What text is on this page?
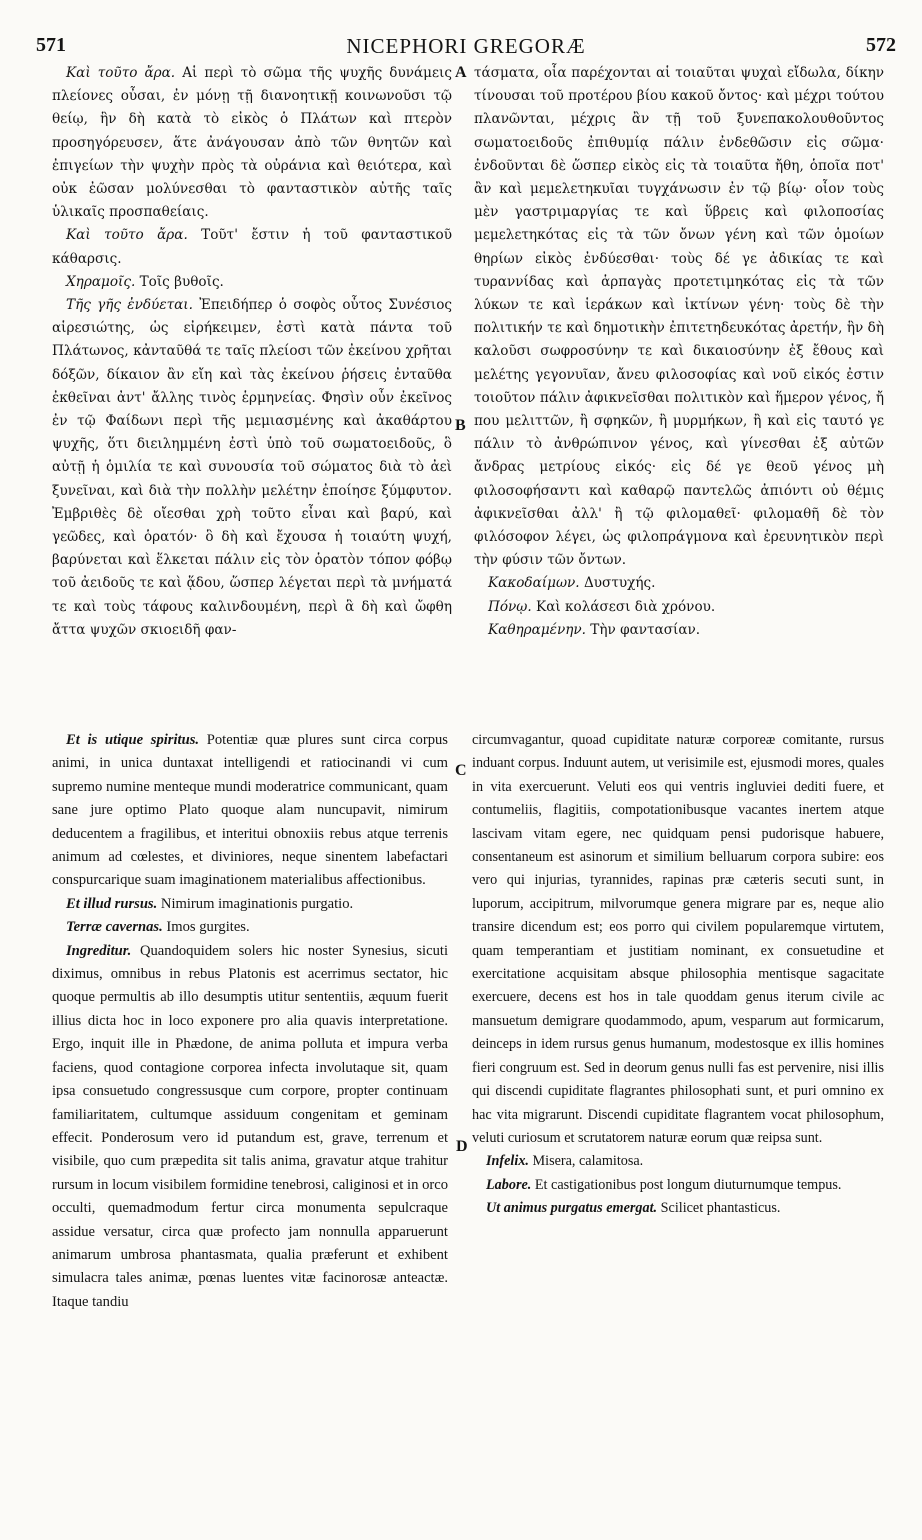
571	NICEPHORI GREGORÆ	572
A
B
C
D

Καὶ τοῦτο ἄρα. Αἱ περὶ τὸ σῶμα τῆς ψυχῆς δυνάμεις πλείονες οὖσαι, ἐν μόνῃ τῇ διανοητικῇ κοινωνοῦσι τῷ θείῳ, ἣν δὴ κατὰ τὸ εἰκὸς ὁ Πλάτων καὶ πτερὸν προσηγόρευσεν, ἅτε ἀνάγουσαν ἀπὸ τῶν θνητῶν καὶ ἐπιγείων τὴν ψυχὴν πρὸς τὰ οὐράνια καὶ θειότερα, καὶ οὐκ ἐῶσαν μολύνεσθαι τὸ φανταστικὸν αὐτῆς ταῖς ὑλικαῖς προσπαθείαις.

Καὶ τοῦτο ἄρα. Τοῦτ' ἔστιν ἡ τοῦ φανταστικοῦ κάθαρσις.

Χηραμοῖς. Τοῖς βυθοῖς.

Τῆς γῆς ἐνδύεται. Ἐπειδήπερ ὁ σοφὸς οὗτος Συνέσιος αἱρεσιώτης, ὡς εἰρήκειμεν, ἐστὶ κατὰ πάντα τοῦ Πλάτωνος, κἀνταῦθά τε ταῖς πλείοσι τῶν ἐκείνου χρῆται δόξῶν, δίκαιον ἂν εἴη καὶ τὰς ἐκείνου ῥήσεις ἐνταῦθα ἐκθεῖναι ἀντ' ἄλλης τινὸς ἑρμηνείας. Φησὶν οὖν ἐκεῖνος ἐν τῷ Φαίδωνι περὶ τῆς μεμιασμένης καὶ ἀκαθάρτου ψυχῆς, ὅτι διειλημμένη ἐστὶ ὑπὸ τοῦ σωματοειδοῦς, ὃ αὐτῇ ἡ ὁμιλία τε καὶ συνουσία τοῦ σώματος διὰ τὸ ἀεὶ ξυνεῖναι, καὶ διὰ τὴν πολλὴν μελέτην ἐποίησε ξύμφυτον. Ἐμβριθὲς δὲ οἴεσθαι χρὴ τοῦτο εἶναι καὶ βαρύ, καὶ γεῶδες, καὶ ὁρατόν· ὃ δὴ καὶ ἔχουσα ἡ τοιαύτη ψυχή, βαρύνεται καὶ ἕλκεται πάλιν εἰς τὸν ὁρατὸν τόπον φόβῳ τοῦ ἀειδοῦς τε καὶ ᾅδου, ὥσπερ λέγεται περὶ τὰ μνήματά τε καὶ τοὺς τάφους καλινδουμένη, περὶ ἃ δὴ καὶ ὤφθη ἄττα ψυχῶν σκιοειδῆ φαν-

τάσματα, οἷα παρέχονται αἱ τοιαῦται ψυχαὶ εἴδωλα, δίκην τίνουσαι τοῦ προτέρου βίου κακοῦ ὄντος· καὶ μέχρι τούτου πλανῶνται, μέχρις ἂν τῇ τοῦ ξυνεπακολουθοῦντος σωματοειδοῦς ἐπιθυμίᾳ πάλιν ἐνδεθῶσιν εἰς σῶμα· ἐνδοῦνται δὲ ὥσπερ εἰκὸς εἰς τὰ τοιαῦτα ἤθη, ὁποῖα ποτ' ἂν καὶ μεμελετηκυῖαι τυγχάνωσιν ἐν τῷ βίῳ· οἷον τοὺς μὲν γαστριμαργίας τε καὶ ὕβρεις καὶ φιλοποσίας μεμελετηκότας εἰς τὰ τῶν ὄνων γένη καὶ τῶν ὁμοίων θηρίων εἰκὸς ἐνδύεσθαι· τοὺς δέ γε ἀδικίας τε καὶ τυραννίδας καὶ ἁρπαγὰς προτετιμηκότας εἰς τὰ τῶν λύκων τε καὶ ἱεράκων καὶ ἰκτίνων γένη· τοὺς δὲ τὴν πολιτικήν τε καὶ δημοτικὴν ἐπιτετηδευκότας ἀρετήν, ἣν δὴ καλοῦσι σωφροσύνην τε καὶ δικαιοσύνην ἐξ ἔθους καὶ μελέτης γεγονυῖαν, ἄνευ φιλοσοφίας καὶ νοῦ εἰκός ἐστιν τοιοῦτον πάλιν ἀφικνεῖσθαι πολιτικὸν καὶ ἥμερον γένος, ἤ που μελιττῶν, ἢ σφηκῶν, ἢ μυρμήκων, ἢ καὶ εἰς ταυτό γε πάλιν τὸ ἀνθρώπινον γένος, καὶ γίνεσθαι ἐξ αὐτῶν ἄνδρας μετρίους εἰκός· εἰς δέ γε θεοῦ γένος μὴ φιλοσοφήσαντι καὶ καθαρῷ παντελῶς ἀπιόντι οὐ θέμις ἀφικνεῖσθαι ἀλλ' ἢ τῷ φιλομαθεῖ· φιλομαθῆ δὲ τὸν φιλόσοφον λέγει, ὡς φιλοπράγμονα καὶ ἐρευνητικὸν περὶ τὴν φύσιν τῶν ὄντων.

Κακοδαίμων. Δυστυχής.

Πόνῳ. Καὶ κολάσεσι διὰ χρόνου.

Καθηραμένην. Τὴν φαντασίαν.

Et is utique spiritus. Potentiæ quæ plures sunt circa corpus animi, in unica duntaxat intelligendi et ratiocinandi vi cum supremo numine menteque mundi moderatrice communicant, quam sane jure optimo Plato quoque alam nuncupavit, nimirum deducentem a fragilibus, et interitui obnoxiis rebus atque terrenis animum ad cœlestes, et diviniores, neque sinentem labefactari conspurcarique suam imaginationem materialibus affectionibus.

Et illud rursus. Nimirum imaginationis purgatio.

Terræ cavernas. Imos gurgites.

Ingreditur. Quandoquidem solers hic noster Synesius, sicuti diximus, omnibus in rebus Platonis est acerrimus sectator, hic quoque permultis ab illo desumptis utitur sententiis, æquum fuerit illius dicta hoc in loco exponere pro alia quavis interpretatione. Ergo, inquit ille in Phædone, de anima polluta et impura verba faciens, quod contagione corporea infecta involutaque sit, quam ipsa consuetudo congressusque cum corpore, propter continuam familiaritatem, cultumque assiduum congenitam et geminam effecit. Ponderosum vero id putandum est, grave, terrenum et visibile, quo cum præpedita sit talis anima, gravatur atque trahitur rursum in locum visibilem formidine tenebrosi, caliginosi et in orco occulti, quemadmodum fertur circa monumenta sepulcraque assidue versatur, circa quæ profecto jam nonnulla apparuerunt animarum umbrosa phantasmata, qualia præferunt et exhibent simulacra tales animæ, pœnas luentes vitæ facinorosæ anteactæ. Itaque tandiu

circumvagantur, quoad cupiditate naturæ corporeæ comitante, rursus induant corpus. Induunt autem, ut verisimile est, ejusmodi mores, quales in vita exercuerunt. Veluti eos qui ventris ingluviei dediti fuere, et contumeliis, flagitiis, compotationibusque vacantes inertem atque lascivam vitam egere, nec quidquam pensi pudorisque habuere, consentaneum est asinorum et similium belluarum corpora subire: eos vero qui injurias, tyrannides, rapinas præ cæteris secuti sunt, in luporum, accipitrum, milvorumque genera migrare par es, neque alio transire dicendum est; eos porro qui civilem popularemque virtutem, quam temperantiam et justitiam nominant, ex consuetudine et exercitatione acquisitam absque philosophia mentisque sagacitate exercuere, decens est hos in tale quoddam genus iterum civile ac mansuetum demigrare quodammodo, apum, vesparum aut formicarum, deinceps in idem rursus genus humanum, modestosque ex illis homines fieri congruum est. Sed in deorum genus nulli fas est pervenire, nisi illis qui discendi cupiditate flagrantes philosophati sunt, et puri omnino ex hac vita migrarunt. Discendi cupiditate flagrantem vocat philosophum, veluti curiosum et scrutatorem naturæ eorum quæ reipsa sunt.

Infelix. Misera, calamitosa.

Labore. Et castigationibus post longum diuturnumque tempus.

Ut animus purgatus emergat. Scilicet phantasticus.
